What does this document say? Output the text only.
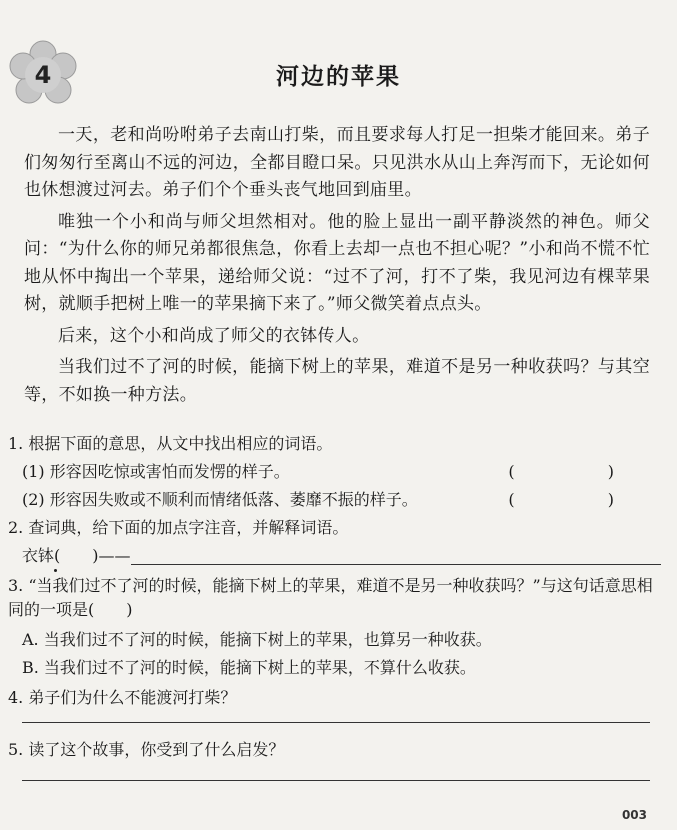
4	河边的苹果

一天，老和尚吩咐弟子去南山打柴，而且要求每人打足一担柴才能回来。弟子们匆匆行至离山不远的河边，全都目瞪口呆。只见洪水从山上奔泻而下，无论如何也休想渡过河去。弟子们个个垂头丧气地回到庙里。

唯独一个小和尚与师父坦然相对。他的脸上显出一副平静淡然的神色。师父问：“为什么你的师兄弟都很焦急，你看上去却一点也不担心呢？”小和尚不慌不忙地从怀中掏出一个苹果，递给师父说：“过不了河，打不了柴，我见河边有棵苹果树，就顺手把树上唯一的苹果摘下来了。”师父微笑着点点头。

后来，这个小和尚成了师父的衣钵传人。

当我们过不了河的时候，能摘下树上的苹果，难道不是另一种收获吗？与其空等，不如换一种方法。

1. 根据下面的意思，从文中找出相应的词语。
(1) 形容因吃惊或害怕而发愣的样子。	( )
(2) 形容因失败或不顺利而情绪低落、萎靡不振的样子。	( )
2. 查词典，给下面的加点字注音，并解释词语。
衣钵(　　)——
3. “当我们过不了河的时候，能摘下树上的苹果，难道不是另一种收获吗？”与这句话意思相同的一项是(　　)
A. 当我们过不了河的时候，能摘下树上的苹果，也算另一种收获。
B. 当我们过不了河的时候，能摘下树上的苹果，不算什么收获。
4. 弟子们为什么不能渡河打柴？
5. 读了这个故事，你受到了什么启发？
003
